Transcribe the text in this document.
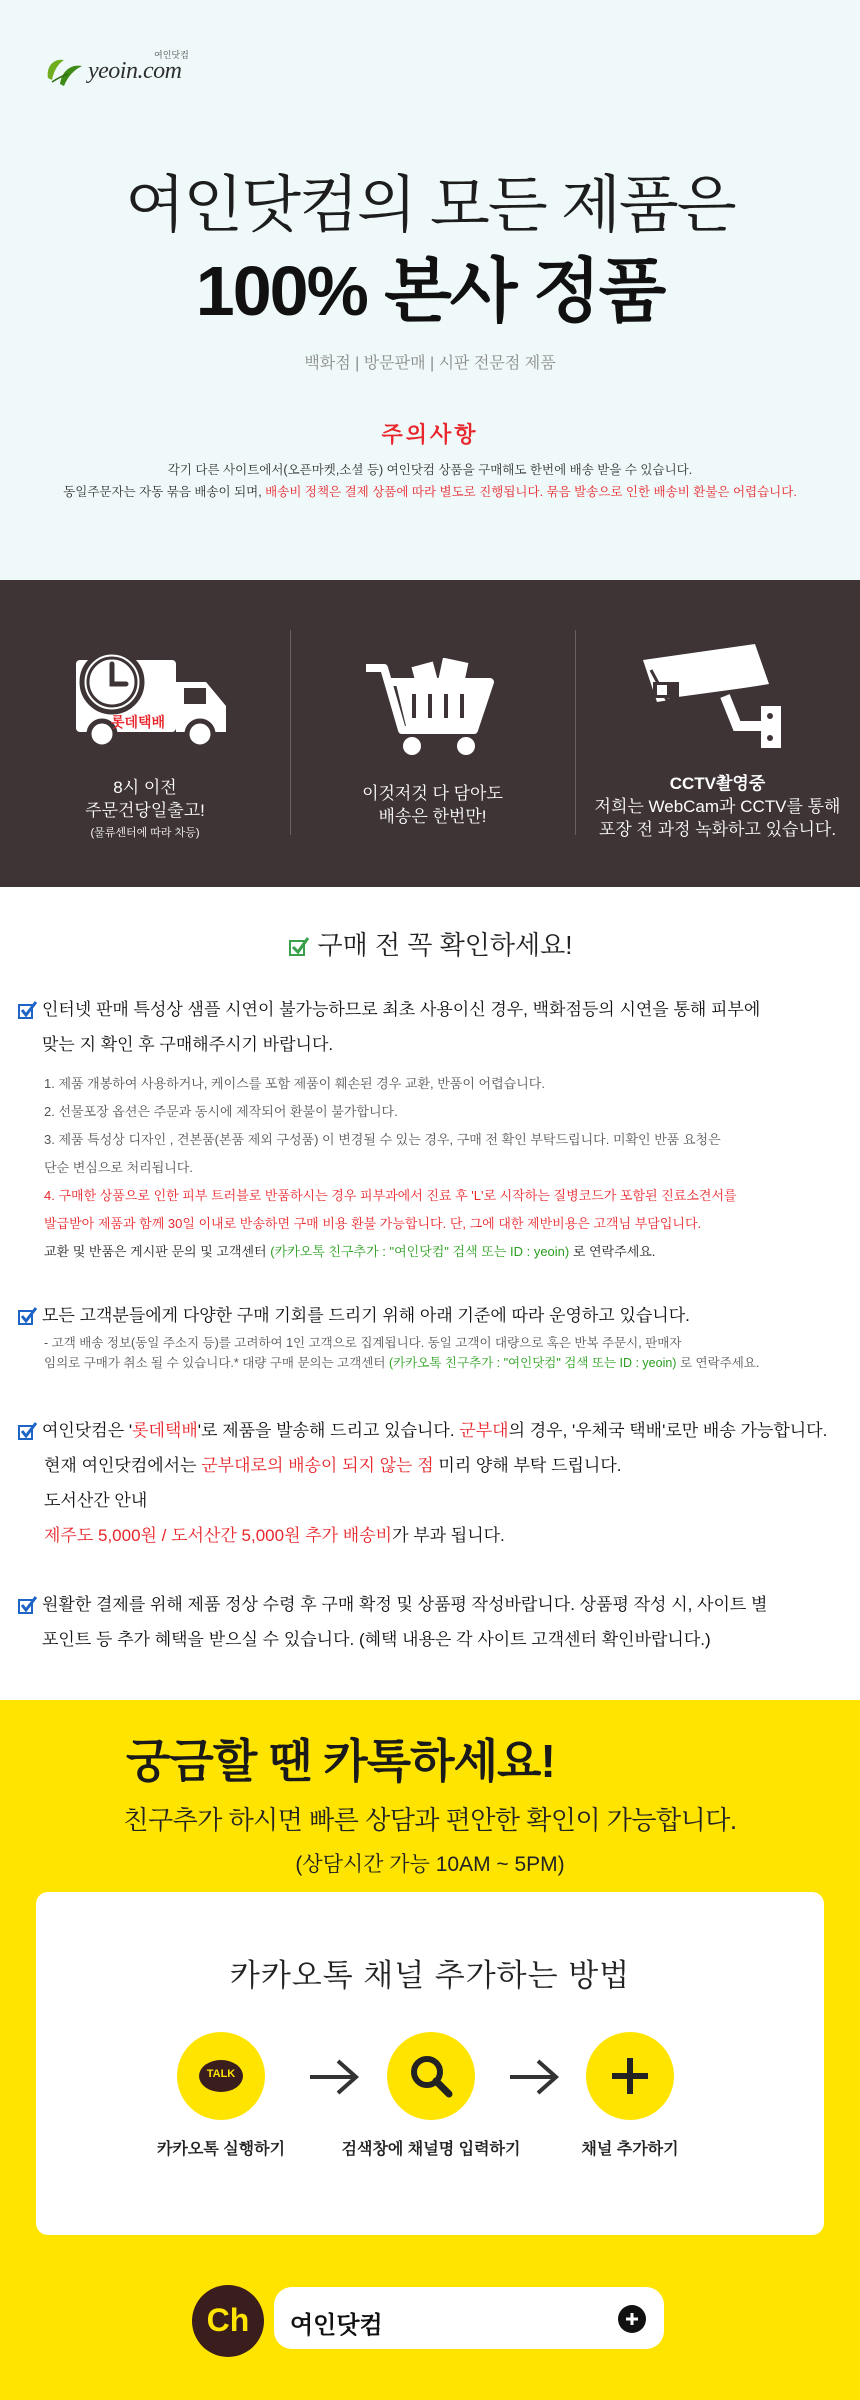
여인닷컴
yeoin.com
여인닷컴의 모든 제품은
100% 본사 정품
백화점 | 방문판매 | 시판 전문점 제품
주의사항
각기 다른 사이트에서(오픈마켓,소셜 등) 여인닷컴 상품을 구매해도 한번에 배송 받을 수 있습니다.
동일주문자는 자동 묶음 배송이 되며, 배송비 정책은 결제 상품에 따라 별도로 진행됩니다. 묶음 발송으로 인한 배송비 환불은 어렵습니다.
롯데택배
8시 이전
주문건당일출고!
(물류센터에 따라 차등)
이것저것 다 담아도
배송은 한번만!
CCTV촬영중
저희는 WebCam과 CCTV를 통해
포장 전 과정 녹화하고 있습니다.
구매 전 꼭 확인하세요!
인터넷 판매 특성상 샘플 시연이 불가능하므로 최초 사용이신 경우, 백화점등의 시연을 통해 피부에
맞는 지 확인 후 구매해주시기 바랍니다.
1. 제품 개봉하여 사용하거나, 케이스를 포함 제품이 훼손된 경우 교환, 반품이 어렵습니다.
2. 선물포장 옵션은 주문과 동시에 제작되어 환불이 불가합니다.
3. 제품 특성상 디자인 , 견본품(본품 제외 구성품) 이 변경될 수 있는 경우, 구매 전 확인 부탁드립니다. 미확인 반품 요청은
단순 변심으로 처리됩니다.
4. 구매한 상품으로 인한 피부 트러블로 반품하시는 경우 피부과에서 진료 후 'L'로 시작하는 질병코드가 포함된 진료소견서를
발급받아 제품과 함께 30일 이내로 반송하면 구매 비용 환불 가능합니다. 단, 그에 대한 제반비용은 고객님 부담입니다.
교환 및 반품은 게시판 문의 및 고객센터 (카카오톡 친구추가 : "여인닷컴" 검색 또는 ID : yeoin) 로 연락주세요.
모든 고객분들에게 다양한 구매 기회를 드리기 위해 아래 기준에 따라 운영하고 있습니다.
- 고객 배송 정보(동일 주소지 등)를 고려하여 1인 고객으로 집계됩니다. 동일 고객이 대량으로 혹은 반복 주문시, 판매자
임의로 구매가 취소 될 수 있습니다.* 대량 구매 문의는 고객센터 (카카오톡 친구추가 : "여인닷컴" 검색 또는 ID : yeoin) 로 연락주세요.
여인닷컴은 '롯데택배'로 제품을 발송해 드리고 있습니다. 군부대의 경우, '우체국 택배'로만 배송 가능합니다.
현재 여인닷컴에서는 군부대로의 배송이 되지 않는 점 미리 양해 부탁 드립니다.
도서산간 안내
제주도 5,000원 / 도서산간 5,000원 추가 배송비가 부과 됩니다.
원활한 결제를 위해 제품 정상 수령 후 구매 확정 및 상품평 작성바랍니다. 상품평 작성 시, 사이트 별
포인트 등 추가 혜택을 받으실 수 있습니다. (혜택 내용은 각 사이트 고객센터 확인바랍니다.)
궁금할 땐 카톡하세요!
친구추가 하시면 빠른 상담과 편안한 확인이 가능합니다.
(상담시간 가능 10AM ~ 5PM)
카카오톡 채널 추가하는 방법
TALK
카카오톡 실행하기	검색창에 채널명 입력하기	채널 추가하기
Ch	여인닷컴
